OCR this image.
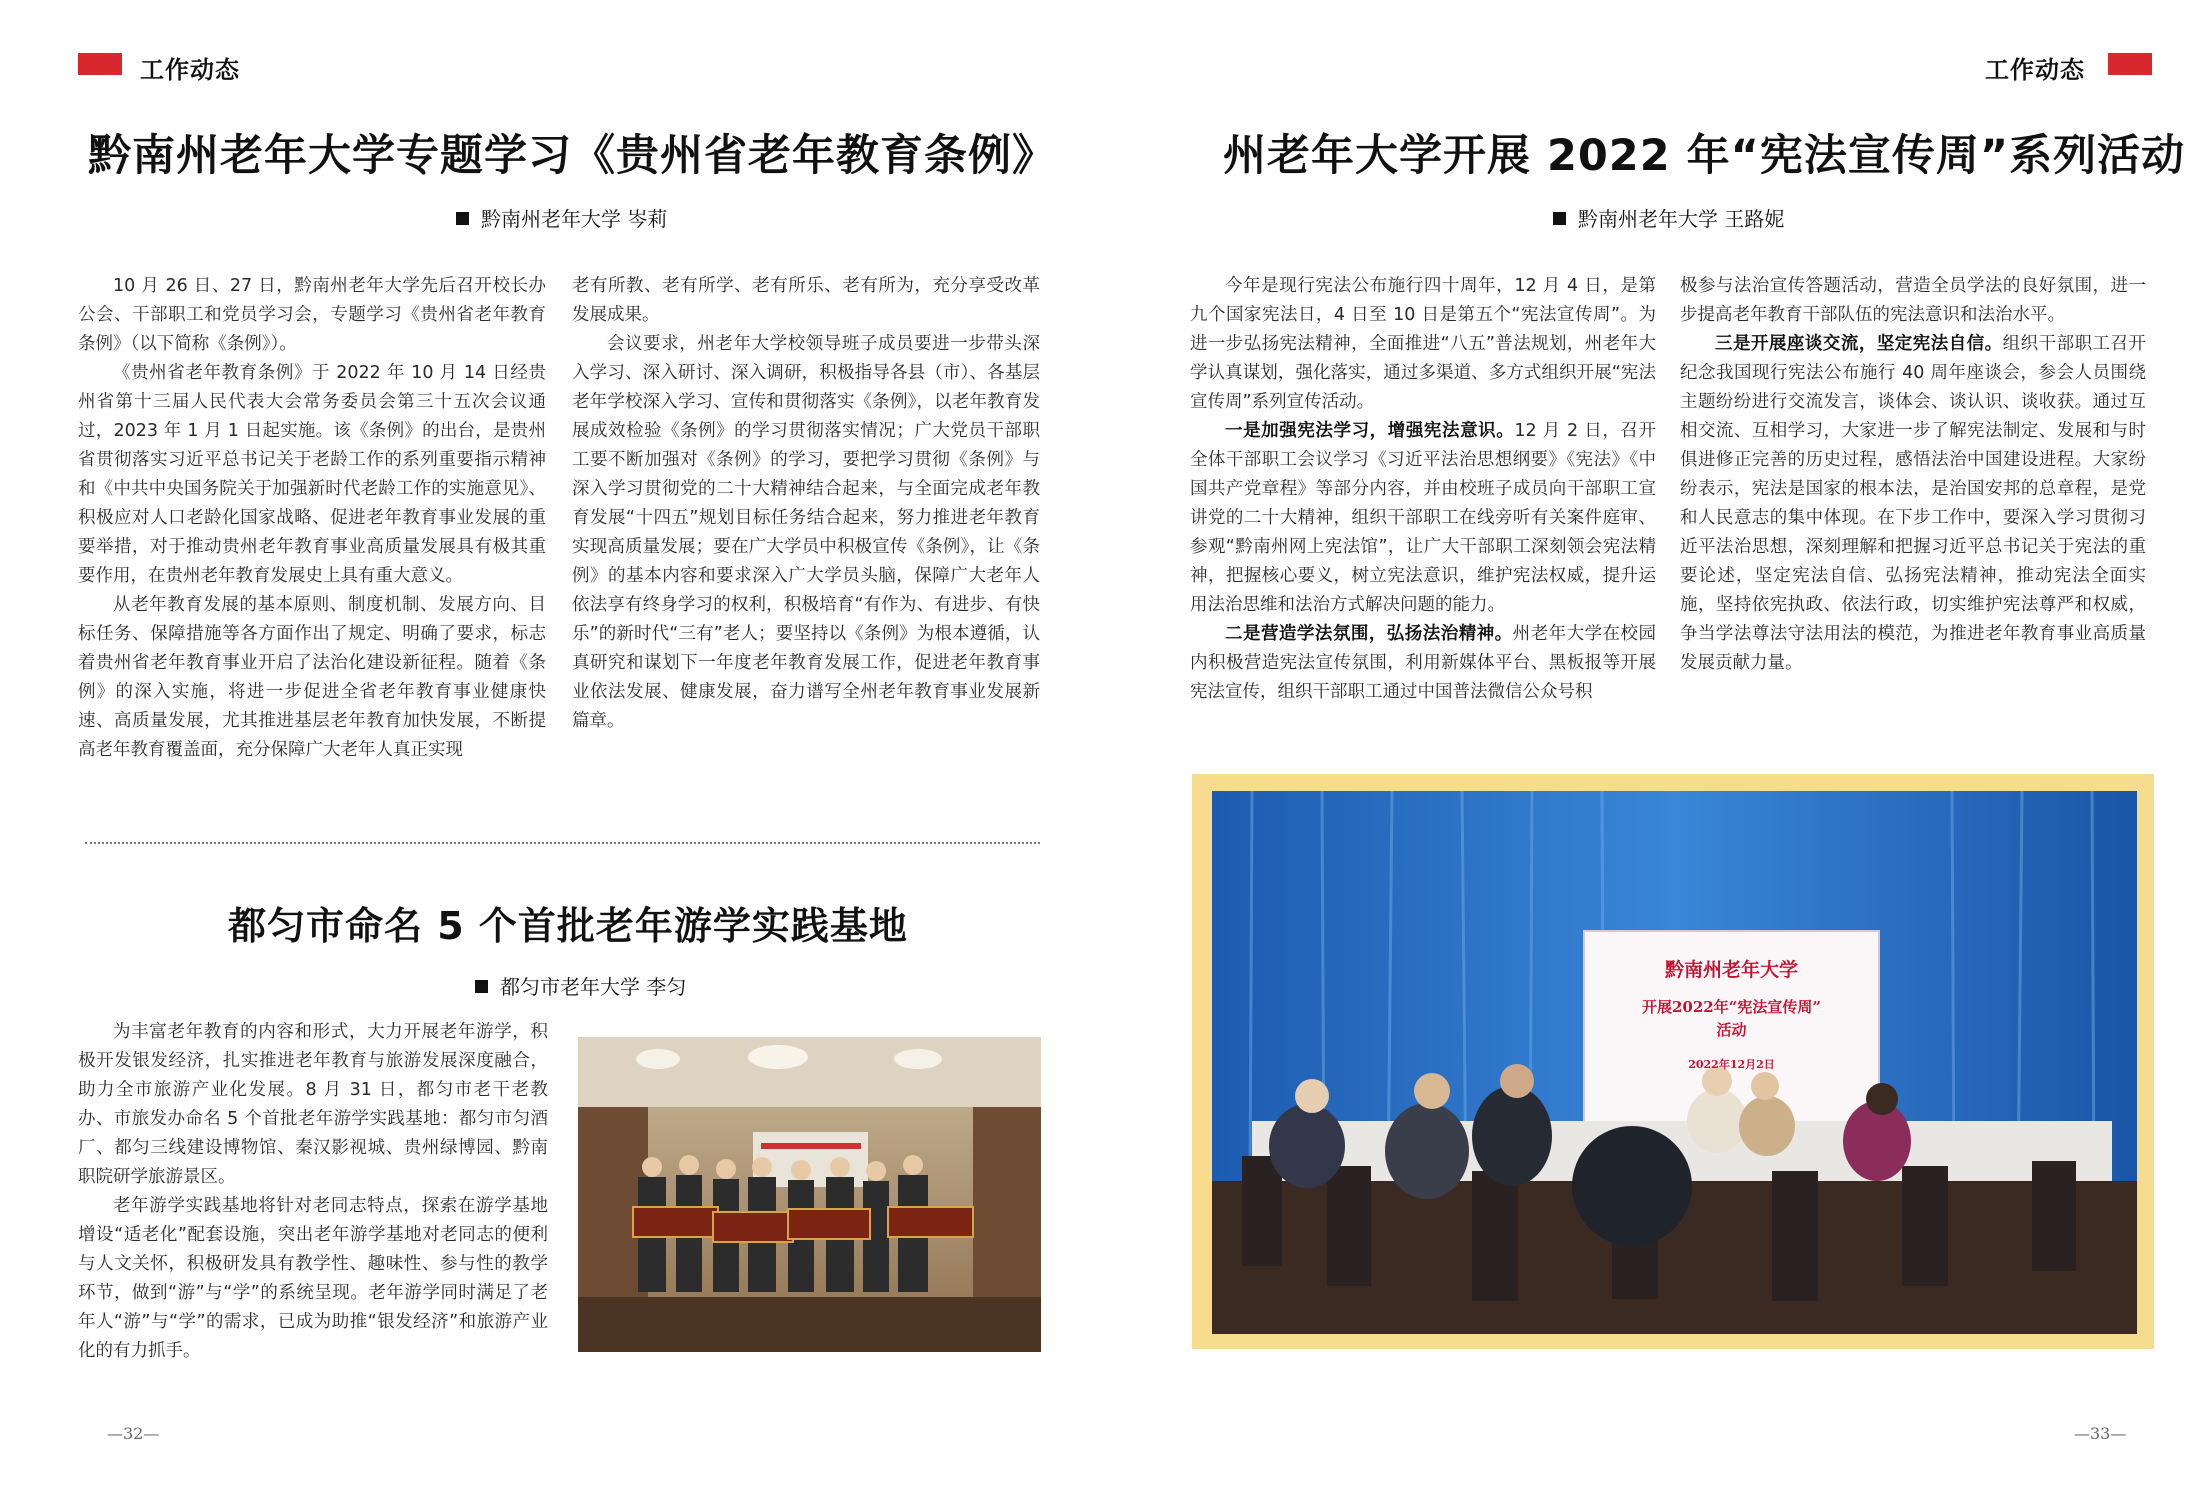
工作动态
黔南州老年大学专题学习《贵州省老年教育条例》
黔南州老年大学 岑莉

10 月 26 日、27 日，黔南州老年大学先后召开校长办公会、干部职工和党员学习会，专题学习《贵州省老年教育条例》（以下简称《条例》）。

《贵州省老年教育条例》于 2022 年 10 月 14 日经贵州省第十三届人民代表大会常务委员会第三十五次会议通过，2023 年 1 月 1 日起实施。该《条例》的出台，是贵州省贯彻落实习近平总书记关于老龄工作的系列重要指示精神和《中共中央国务院关于加强新时代老龄工作的实施意见》、积极应对人口老龄化国家战略、促进老年教育事业发展的重要举措，对于推动贵州老年教育事业高质量发展具有极其重要作用，在贵州老年教育发展史上具有重大意义。

从老年教育发展的基本原则、制度机制、发展方向、目标任务、保障措施等各方面作出了规定、明确了要求，标志着贵州省老年教育事业开启了法治化建设新征程。随着《条例》的深入实施，将进一步促进全省老年教育事业健康快速、高质量发展，尤其推进基层老年教育加快发展，不断提高老年教育覆盖面，充分保障广大老年人真正实现

老有所教、老有所学、老有所乐、老有所为，充分享受改革发展成果。

会议要求，州老年大学校领导班子成员要进一步带头深入学习、深入研讨、深入调研，积极指导各县（市）、各基层老年学校深入学习、宣传和贯彻落实《条例》，以老年教育发展成效检验《条例》的学习贯彻落实情况；广大党员干部职工要不断加强对《条例》的学习，要把学习贯彻《条例》与深入学习贯彻党的二十大精神结合起来，与全面完成老年教育发展“十四五”规划目标任务结合起来，努力推进老年教育实现高质量发展；要在广大学员中积极宣传《条例》，让《条例》的基本内容和要求深入广大学员头脑，保障广大老年人依法享有终身学习的权利，积极培育“有作为、有进步、有快乐”的新时代“三有”老人；要坚持以《条例》为根本遵循，认真研究和谋划下一年度老年教育发展工作，促进老年教育事业依法发展、健康发展，奋力谱写全州老年教育事业发展新篇章。

都匀市命名 5 个首批老年游学实践基地
都匀市老年大学 李匀

为丰富老年教育的内容和形式，大力开展老年游学，积极开发银发经济，扎实推进老年教育与旅游发展深度融合，助力全市旅游产业化发展。8 月 31 日，都匀市老干老教办、市旅发办命名 5 个首批老年游学实践基地：都匀市匀酒厂、都匀三线建设博物馆、秦汉影视城、贵州绿博园、黔南职院研学旅游景区。

老年游学实践基地将针对老同志特点，探索在游学基地增设“适老化”配套设施，突出老年游学基地对老同志的便利与人文关怀，积极研发具有教学性、趣味性、参与性的教学环节，做到“游”与“学”的系统呈现。老年游学同时满足了老年人“游”与“学”的需求，已成为助推“银发经济”和旅游产业化的有力抓手。

—32—
工作动态
州老年大学开展 2022 年“宪法宣传周”系列活动
黔南州老年大学 王路妮

今年是现行宪法公布施行四十周年，12 月 4 日，是第九个国家宪法日，4 日至 10 日是第五个“宪法宣传周”。为进一步弘扬宪法精神，全面推进“八五”普法规划，州老年大学认真谋划，强化落实，通过多渠道、多方式组织开展“宪法宣传周”系列宣传活动。

一是加强宪法学习，增强宪法意识。12 月 2 日，召开全体干部职工会议学习《习近平法治思想纲要》《宪法》《中国共产党章程》等部分内容，并由校班子成员向干部职工宣讲党的二十大精神，组织干部职工在线旁听有关案件庭审、参观“黔南州网上宪法馆”，让广大干部职工深刻领会宪法精神，把握核心要义，树立宪法意识，维护宪法权威，提升运用法治思维和法治方式解决问题的能力。

二是营造学法氛围，弘扬法治精神。州老年大学在校园内积极营造宪法宣传氛围，利用新媒体平台、黑板报等开展宪法宣传，组织干部职工通过中国普法微信公众号积

极参与法治宣传答题活动，营造全员学法的良好氛围，进一步提高老年教育干部队伍的宪法意识和法治水平。

三是开展座谈交流，坚定宪法自信。组织干部职工召开纪念我国现行宪法公布施行 40 周年座谈会，参会人员围绕主题纷纷进行交流发言，谈体会、谈认识、谈收获。通过互相交流、互相学习，大家进一步了解宪法制定、发展和与时俱进修正完善的历史过程，感悟法治中国建设进程。大家纷纷表示，宪法是国家的根本法，是治国安邦的总章程，是党和人民意志的集中体现。在下步工作中，要深入学习贯彻习近平法治思想，深刻理解和把握习近平总书记关于宪法的重要论述，坚定宪法自信、弘扬宪法精神，推动宪法全面实施，坚持依宪执政、依法行政，切实维护宪法尊严和权威，争当学法尊法守法用法的模范，为推进老年教育事业高质量发展贡献力量。

黔南州老年大学
开展2022年“宪法宣传周”
活动
2022年12月2日
—33—
